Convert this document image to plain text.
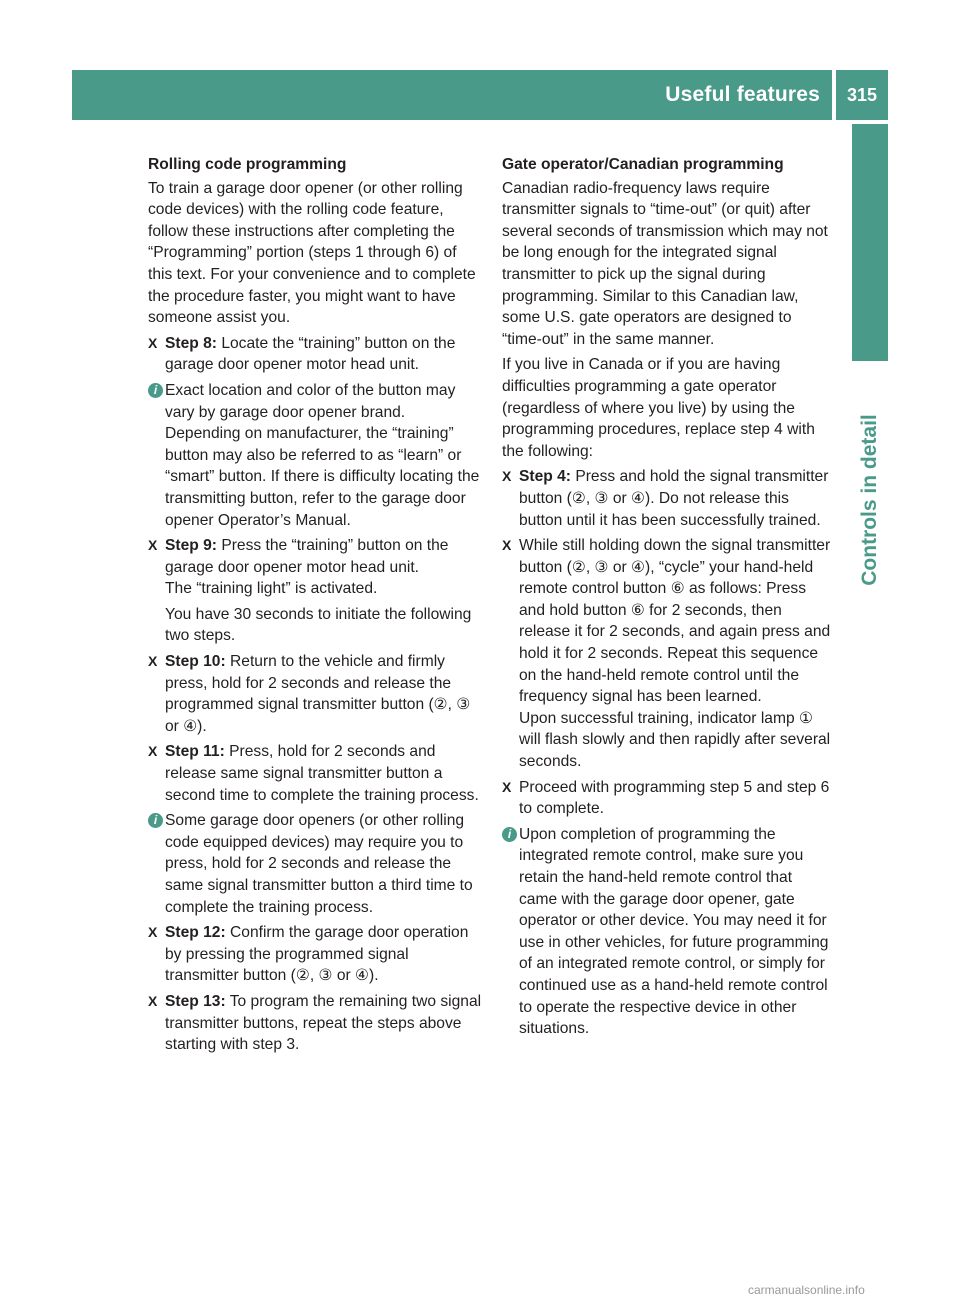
Useful features 315
Controls in detail
Rolling code programming

To train a garage door opener (or other rolling code devices) with the rolling code feature, follow these instructions after completing the “Programming” portion (steps 1 through 6) of this text. For your convenience and to complete the procedure faster, you might want to have someone assist you.

X Step 8: Locate the “training” button on the garage door opener motor head unit.
i
Exact location and color of the button may vary by garage door opener brand. Depending on manufacturer, the “training” button may also be referred to as “learn” or “smart” button. If there is difficulty locating the transmitting button, refer to the garage door opener Operator’s Manual.
X Step 9: Press the “training” button on the garage door opener motor head unit.
The “training light” is activated.
You have 30 seconds to initiate the following two steps.
X Step 10: Return to the vehicle and firmly press, hold for 2 seconds and release the programmed signal transmitter button (②, ③ or ④).
X Step 11: Press, hold for 2 seconds and release same signal transmitter button a second time to complete the training process.
i
Some garage door openers (or other rolling code equipped devices) may require you to press, hold for 2 seconds and release the same signal transmitter button a third time to complete the training process.
X Step 12: Confirm the garage door operation by pressing the programmed signal transmitter button (②, ③ or ④).
X Step 13: To program the remaining two signal transmitter buttons, repeat the steps above starting with step 3.
Gate operator/Canadian programming

Canadian radio-frequency laws require transmitter signals to “time-out” (or quit) after several seconds of transmission which may not be long enough for the integrated signal transmitter to pick up the signal during programming. Similar to this Canadian law, some U.S. gate operators are designed to “time-out” in the same manner.

If you live in Canada or if you are having difficulties programming a gate operator (regardless of where you live) by using the programming procedures, replace step 4 with the following:

X Step 4: Press and hold the signal transmitter button (②, ③ or ④). Do not release this button until it has been successfully trained.
X While still holding down the signal transmitter button (②, ③ or ④), “cycle” your hand-held remote control button ⑥ as follows: Press and hold button ⑥ for 2 seconds, then release it for 2 seconds, and again press and hold it for 2 seconds. Repeat this sequence on the hand-held remote control until the frequency signal has been learned.
Upon successful training, indicator lamp ① will flash slowly and then rapidly after several seconds.
X Proceed with programming step 5 and step 6 to complete.
i
Upon completion of programming the integrated remote control, make sure you retain the hand-held remote control that came with the garage door opener, gate operator or other device. You may need it for use in other vehicles, for future programming of an integrated remote control, or simply for continued use as a hand-held remote control to operate the respective device in other situations.
carmanualsonline.info
